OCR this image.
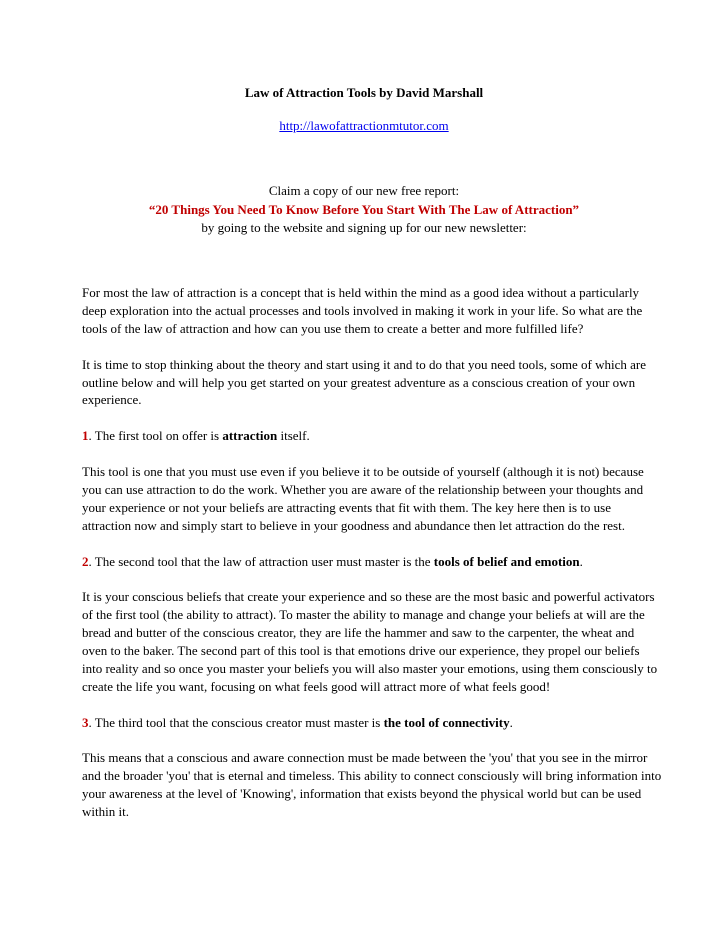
Law of Attraction Tools by David Marshall
http://lawofattractionmtutor.com
Claim a copy of our new free report:
“20 Things You Need To Know Before You Start With The Law of Attraction”
by going to the website and signing up for our new newsletter:

For most the law of attraction is a concept that is held within the mind as a good idea without a particularly deep exploration into the actual processes and tools involved in making it work in your life. So what are the tools of the law of attraction and how can you use them to create a better and more fulfilled life?

It is time to stop thinking about the theory and start using it and to do that you need tools, some of which are outline below and will help you get started on your greatest adventure as a conscious creation of your own experience.

1. The first tool on offer is attraction itself.

This tool is one that you must use even if you believe it to be outside of yourself (although it is not) because you can use attraction to do the work. Whether you are aware of the relationship between your thoughts and your experience or not your beliefs are attracting events that fit with them. The key here then is to use attraction now and simply start to believe in your goodness and abundance then let attraction do the rest.

2. The second tool that the law of attraction user must master is the tools of belief and emotion.

It is your conscious beliefs that create your experience and so these are the most basic and powerful activators of the first tool (the ability to attract). To master the ability to manage and change your beliefs at will are the bread and butter of the conscious creator, they are life the hammer and saw to the carpenter, the wheat and oven to the baker. The second part of this tool is that emotions drive our experience, they propel our beliefs into reality and so once you master your beliefs you will also master your emotions, using them consciously to create the life you want, focusing on what feels good will attract more of what feels good!

3. The third tool that the conscious creator must master is the tool of connectivity.

This means that a conscious and aware connection must be made between the 'you' that you see in the mirror and the broader 'you' that is eternal and timeless. This ability to connect consciously will bring information into your awareness at the level of 'Knowing', information that exists beyond the physical world but can be used within it.
